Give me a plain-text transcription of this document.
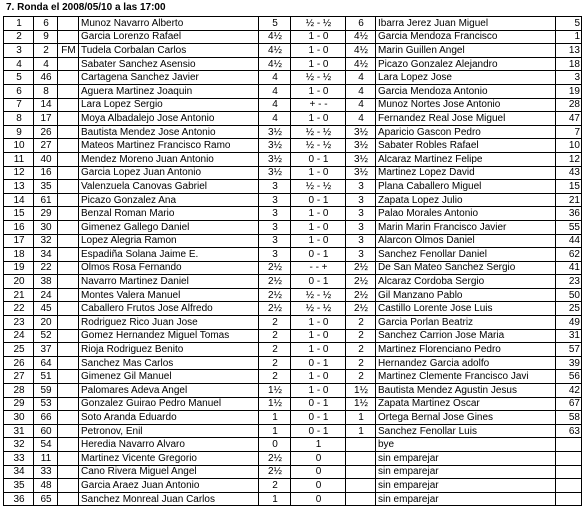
7. Ronda el 2008/05/10 a las 17:00
1	6		Munoz Navarro Alberto	5	½ - ½	6	Ibarra Jerez Juan Miguel	5
2	9		Garcia Lorenzo Rafael	4½	1 - 0	4½	Garcia Mendoza Francisco	1
3	2	FM	Tudela Corbalan Carlos	4½	1 - 0	4½	Marin Guillen Angel	13
4	4		Sabater Sanchez Asensio	4½	1 - 0	4½	Picazo Gonzalez Alejandro	18
5	46		Cartagena Sanchez Javier	4	½ - ½	4	Lara Lopez Jose	3
6	8		Aguera Martinez Joaquin	4	1 - 0	4	Garcia Mendoza Antonio	19
7	14		Lara Lopez Sergio	4	+ - -	4	Munoz Nortes Jose Antonio	28
8	17		Moya Albadalejo Jose Antonio	4	1 - 0	4	Fernandez Real Jose Miguel	47
9	26		Bautista Mendez Jose Antonio	3½	½ - ½	3½	Aparicio Gascon Pedro	7
10	27		Mateos Martinez Francisco Ramo	3½	½ - ½	3½	Sabater Robles Rafael	10
11	40		Mendez Moreno Juan Antonio	3½	0 - 1	3½	Alcaraz Martinez Felipe	12
12	16		Garcia Lopez Juan Antonio	3½	1 - 0	3½	Martinez Lopez David	43
13	35		Valenzuela Canovas Gabriel	3	½ - ½	3	Plana Caballero Miguel	15
14	61		Picazo Gonzalez Ana	3	0 - 1	3	Zapata Lopez Julio	21
15	29		Benzal Roman Mario	3	1 - 0	3	Palao Morales Antonio	36
16	30		Gimenez Gallego Daniel	3	1 - 0	3	Marin Marin Francisco Javier	55
17	32		Lopez Alegria Ramon	3	1 - 0	3	Alarcon Olmos Daniel	44
18	34		Espadiña Solana Jaime E.	3	0 - 1	3	Sanchez Fenollar Daniel	62
19	22		Olmos Rosa Fernando	2½	- - +	2½	De San Mateo Sanchez Sergio	41
20	38		Navarro Martinez Daniel	2½	0 - 1	2½	Alcaraz Cordoba Sergio	23
21	24		Montes Valera Manuel	2½	½ - ½	2½	Gil Manzano Pablo	50
22	45		Caballero Frutos Jose Alfredo	2½	½ - ½	2½	Castillo Lorente Jose Luis	25
23	20		Rodriguez Rico Juan Jose	2	1 - 0	2	Garcia Porlan Beatriz	49
24	52		Gomez Hernandez Miguel Tomas	2	1 - 0	2	Sanchez Carrion Jose Maria	31
25	37		Rioja Rodriguez Benito	2	1 - 0	2	Martinez Florenciano Pedro	57
26	64		Sanchez Mas Carlos	2	0 - 1	2	Hernandez Garcia adolfo	39
27	51		Gimenez Gil Manuel	2	1 - 0	2	Martinez Clemente Francisco Javi	56
28	59		Palomares Adeva Angel	1½	1 - 0	1½	Bautista Mendez Agustin Jesus	42
29	53		Gonzalez Guirao Pedro Manuel	1½	0 - 1	1½	Zapata Martinez Oscar	67
30	66		Soto Aranda Eduardo	1	0 - 1	1	Ortega Bernal Jose Gines	58
31	60		Petronov, Enil	1	0 - 1	1	Sanchez Fenollar Luis	63
32	54		Heredia Navarro Alvaro	0	1		bye	
33	11		Martinez Vicente Gregorio	2½	0		sin emparejar	
34	33		Cano Rivera Miguel Angel	2½	0		sin emparejar	
35	48		Garcia Araez Juan Antonio	2	0		sin emparejar	
36	65		Sanchez Monreal Juan Carlos	1	0		sin emparejar	
